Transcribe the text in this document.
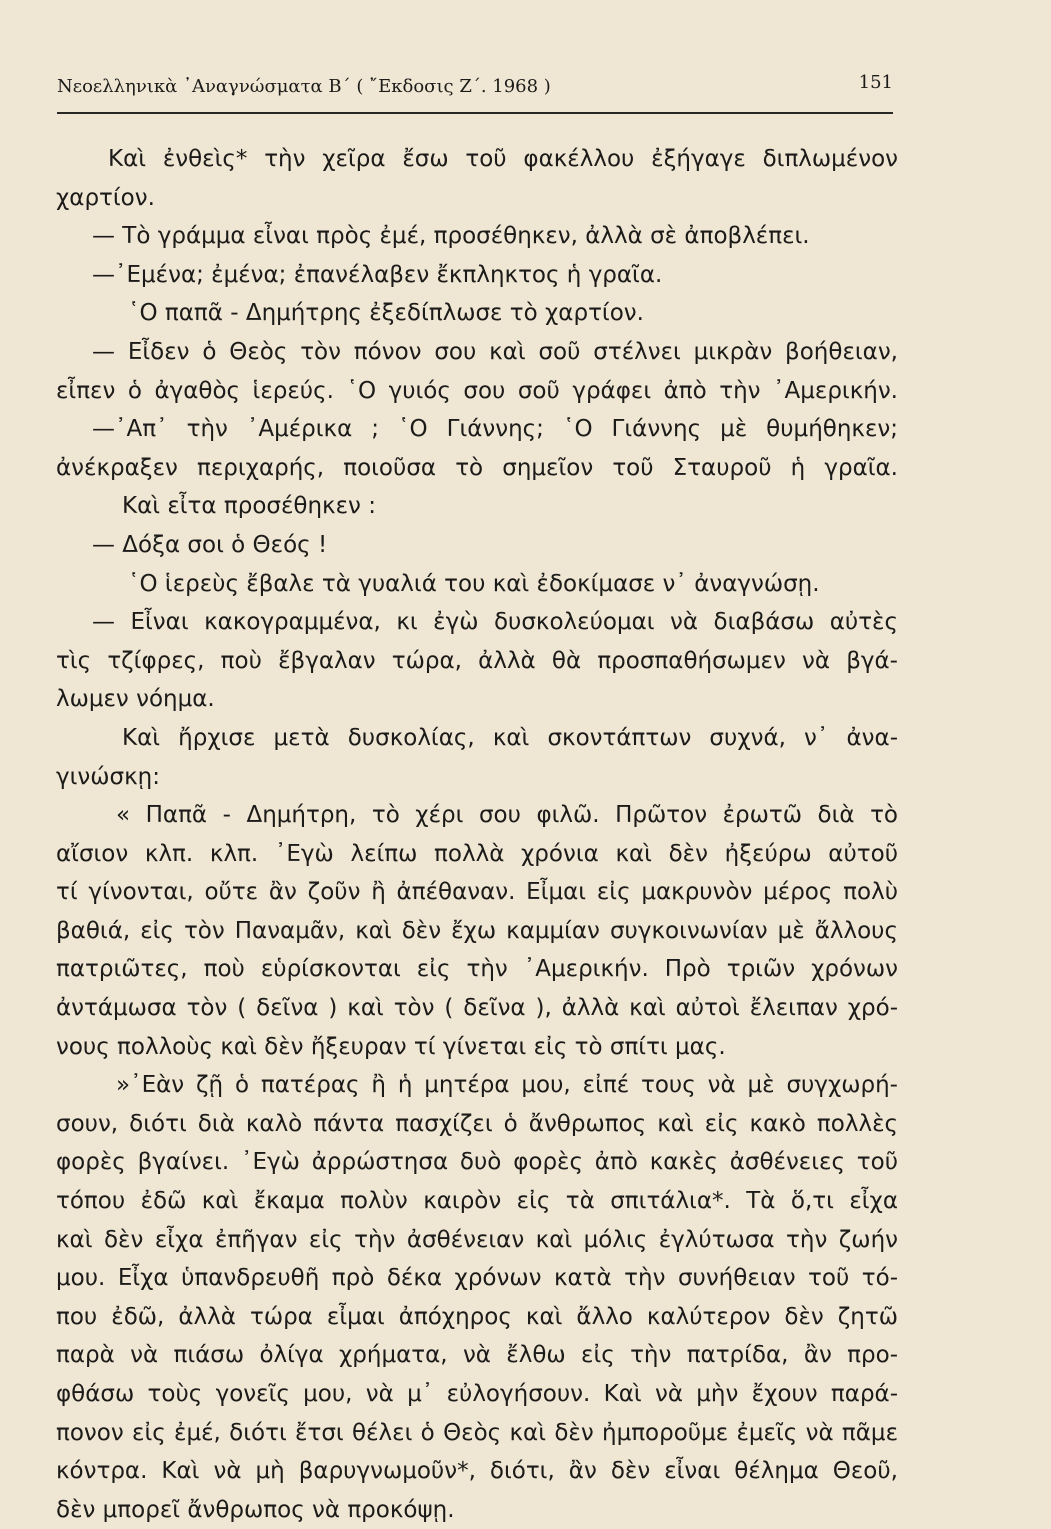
Νεοελληνικὰ ᾽Αναγνώσματα Β΄ ( ῎Εκδοσις Ζ΄. 1968 )	151
Καὶ ἐνθεὶς* τὴν χεῖρα ἔσω τοῦ φακέλλου ἐξήγαγε διπλωμένον
χαρτίον.
— Τὸ γράμμα εἶναι πρὸς ἐμέ, προσέθηκεν, ἀλλὰ σὲ ἀποβλέπει.
—᾽Εμένα; ἐμένα; ἐπανέλαβεν ἔκπληκτος ἡ γραῖα.
῾Ο παπᾶ - Δημήτρης ἐξεδίπλωσε τὸ χαρτίον.
— Εἶδεν ὁ Θεὸς τὸν πόνον σου καὶ σοῦ στέλνει μικρὰν βοήθειαν,
εἶπεν ὁ ἀγαθὸς ἱερεύς. ῾Ο γυιός σου σοῦ γράφει ἀπὸ τὴν ᾽Αμερικήν.
—᾽Απ᾽ τὴν ᾽Αμέρικα ; ῾Ο Γιάννης; ῾Ο Γιάννης μὲ θυμήθηκεν;
ἀνέκραξεν περιχαρής, ποιοῦσα τὸ σημεῖον τοῦ Σταυροῦ ἡ γραῖα.
Καὶ εἶτα προσέθηκεν :
— Δόξα σοι ὁ Θεός !
῾Ο ἱερεὺς ἔβαλε τὰ γυαλιά του καὶ ἐδοκίμασε ν᾽ ἀναγνώσῃ.
— Εἶναι κακογραμμένα, κι ἐγὼ δυσκολεύομαι νὰ διαβάσω αὐτὲς
τὶς τζίφρες, ποὺ ἔβγαλαν τώρα, ἀλλὰ θὰ προσπαθήσωμεν νὰ βγά-
λωμεν νόημα.
Καὶ ἤρχισε μετὰ δυσκολίας, καὶ σκοντάπτων συχνά, ν᾽ ἀνα-
γινώσκῃ:
« Παπᾶ - Δημήτρη, τὸ χέρι σου φιλῶ. Πρῶτον ἐρωτῶ διὰ τὸ
αἴσιον κλπ. κλπ. ᾽Εγὼ λείπω πολλὰ χρόνια καὶ δὲν ἠξεύρω αὐτοῦ
τί γίνονται, οὔτε ἂν ζοῦν ἢ ἀπέθαναν. Εἶμαι εἰς μακρυνὸν μέρος πολὺ
βαθιά, εἰς τὸν Παναμᾶν, καὶ δὲν ἔχω καμμίαν συγκοινωνίαν μὲ ἄλλους
πατριῶτες, ποὺ εὑρίσκονται εἰς τὴν ᾽Αμερικήν. Πρὸ τριῶν χρόνων
ἀντάμωσα τὸν ( δεῖνα ) καὶ τὸν ( δεῖνα ), ἀλλὰ καὶ αὐτοὶ ἔλειπαν χρό-
νους πολλοὺς καὶ δὲν ἤξευραν τί γίνεται εἰς τὸ σπίτι μας.
»᾽Εὰν ζῇ ὁ πατέρας ἢ ἡ μητέρα μου, εἰπέ τους νὰ μὲ συγχωρή-
σουν, διότι διὰ καλὸ πάντα πασχίζει ὁ ἄνθρωπος καὶ εἰς κακὸ πολλὲς
φορὲς βγαίνει. ᾽Εγὼ ἀρρώστησα δυὸ φορὲς ἀπὸ κακὲς ἀσθένειες τοῦ
τόπου ἐδῶ καὶ ἔκαμα πολὺν καιρὸν εἰς τὰ σπιτάλια*. Τὰ ὅ,τι εἶχα
καὶ δὲν εἶχα ἐπῆγαν εἰς τὴν ἀσθένειαν καὶ μόλις ἐγλύτωσα τὴν ζωήν
μου. Εἶχα ὑπανδρευθῆ πρὸ δέκα χρόνων κατὰ τὴν συνήθειαν τοῦ τό-
που ἐδῶ, ἀλλὰ τώρα εἶμαι ἀπόχηρος καὶ ἄλλο καλύτερον δὲν ζητῶ
παρὰ νὰ πιάσω ὀλίγα χρήματα, νὰ ἔλθω εἰς τὴν πατρίδα, ἂν προ-
φθάσω τοὺς γονεῖς μου, νὰ μ᾽ εὐλογήσουν. Καὶ νὰ μὴν ἔχουν παρά-
πονον εἰς ἐμέ, διότι ἔτσι θέλει ὁ Θεὸς καὶ δὲν ἠμποροῦμε ἐμεῖς νὰ πᾶμε
κόντρα. Καὶ νὰ μὴ βαρυγνωμοῦν*, διότι, ἂν δὲν εἶναι θέλημα Θεοῦ,
δὲν μπορεῖ ἄνθρωπος νὰ προκόψῃ.
